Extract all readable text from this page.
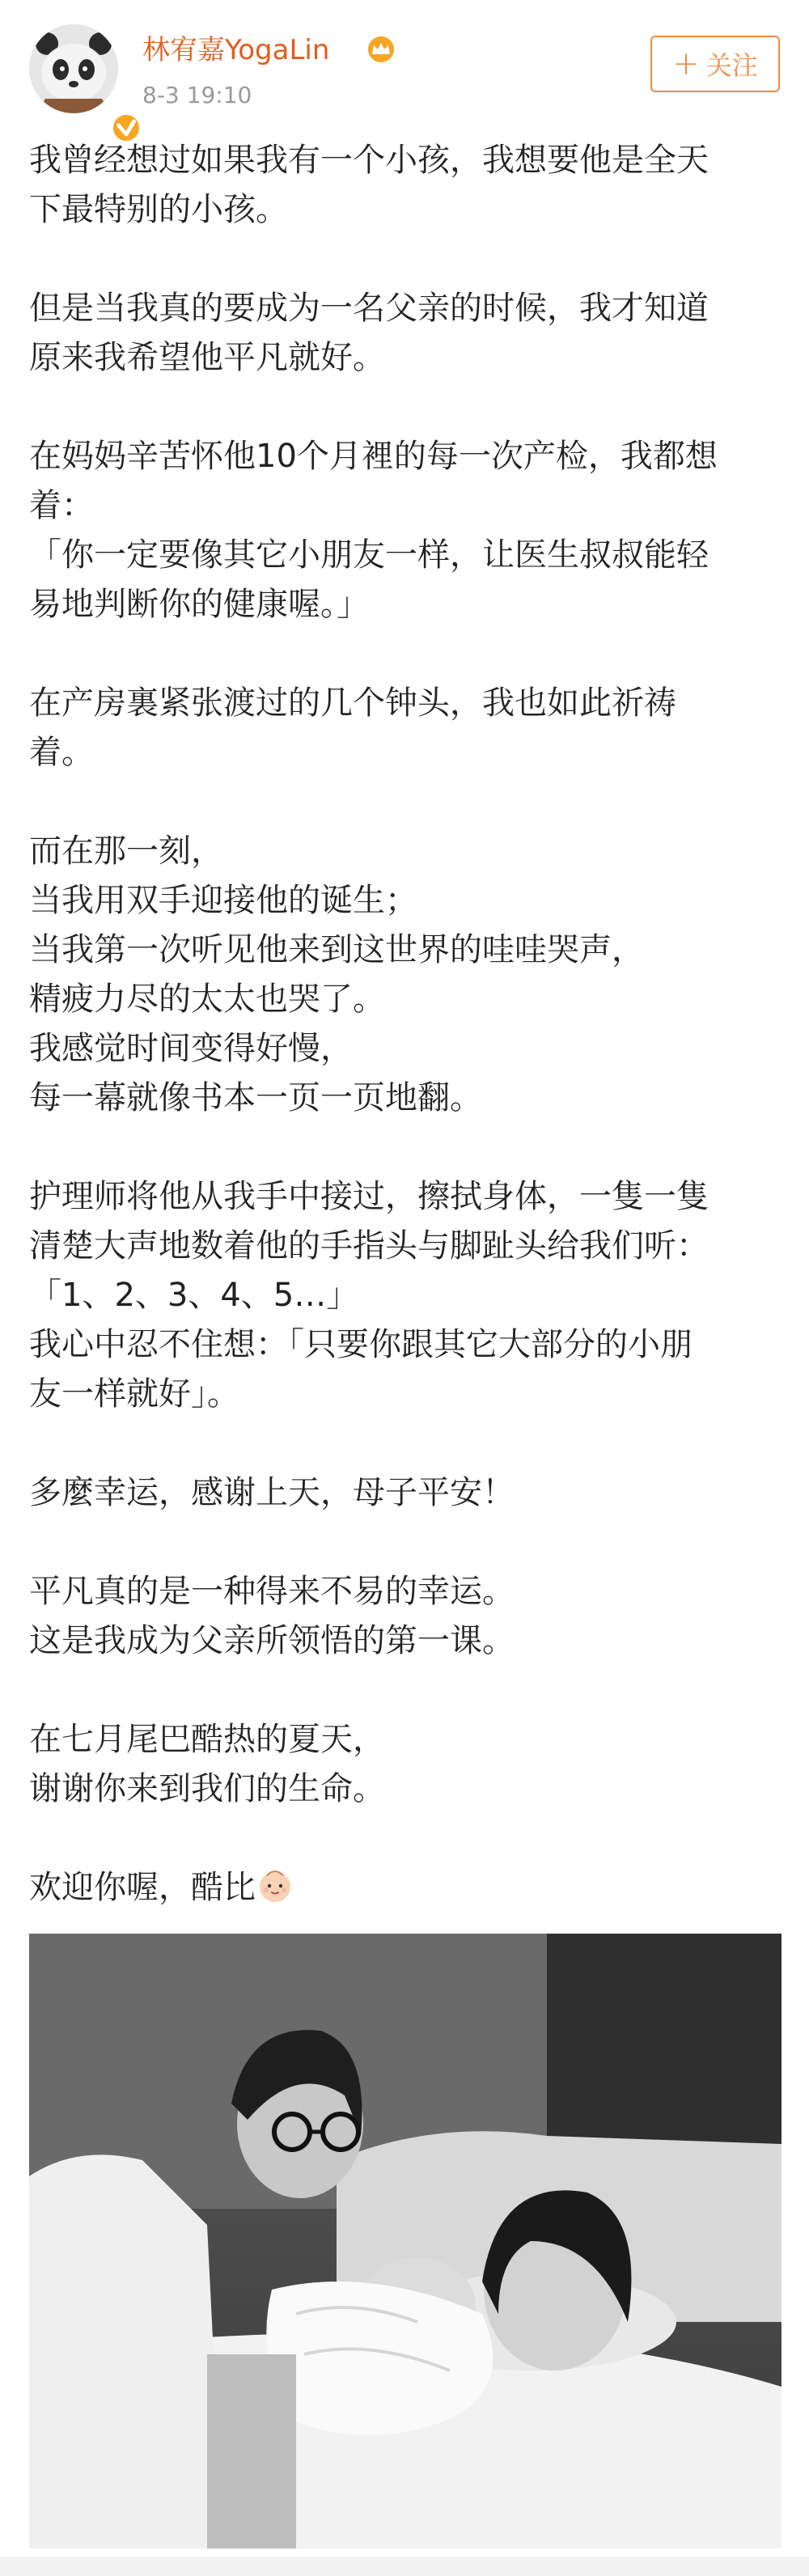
林宥嘉YogaLin
8-3 19:10
+ 关注
我曾经想过如果我有一个小孩，我想要他是全天
下最特别的小孩。
但是当我真的要成为一名父亲的时候，我才知道
原来我希望他平凡就好。
在妈妈辛苦怀他10个月裡的每一次产检，我都想
着：
「你一定要像其它小朋友一样，让医生叔叔能轻
易地判断你的健康喔。」
在产房裏紧张渡过的几个钟头，我也如此祈祷
着。
而在那一刻，
当我用双手迎接他的诞生；
当我第一次听见他来到这世界的哇哇哭声，
精疲力尽的太太也哭了。
我感觉时间变得好慢，
每一幕就像书本一页一页地翻。
护理师将他从我手中接过，擦拭身体，一隻一隻
清楚大声地数着他的手指头与脚趾头给我们听：
「1、2、3、4、5…」
我心中忍不住想：「只要你跟其它大部分的小朋
友一样就好」。
多麼幸运，感谢上天，母子平安！
平凡真的是一种得来不易的幸运。
这是我成为父亲所领悟的第一课。
在七月尾巴酷热的夏天，
谢谢你来到我们的生命。
欢迎你喔，酷比
